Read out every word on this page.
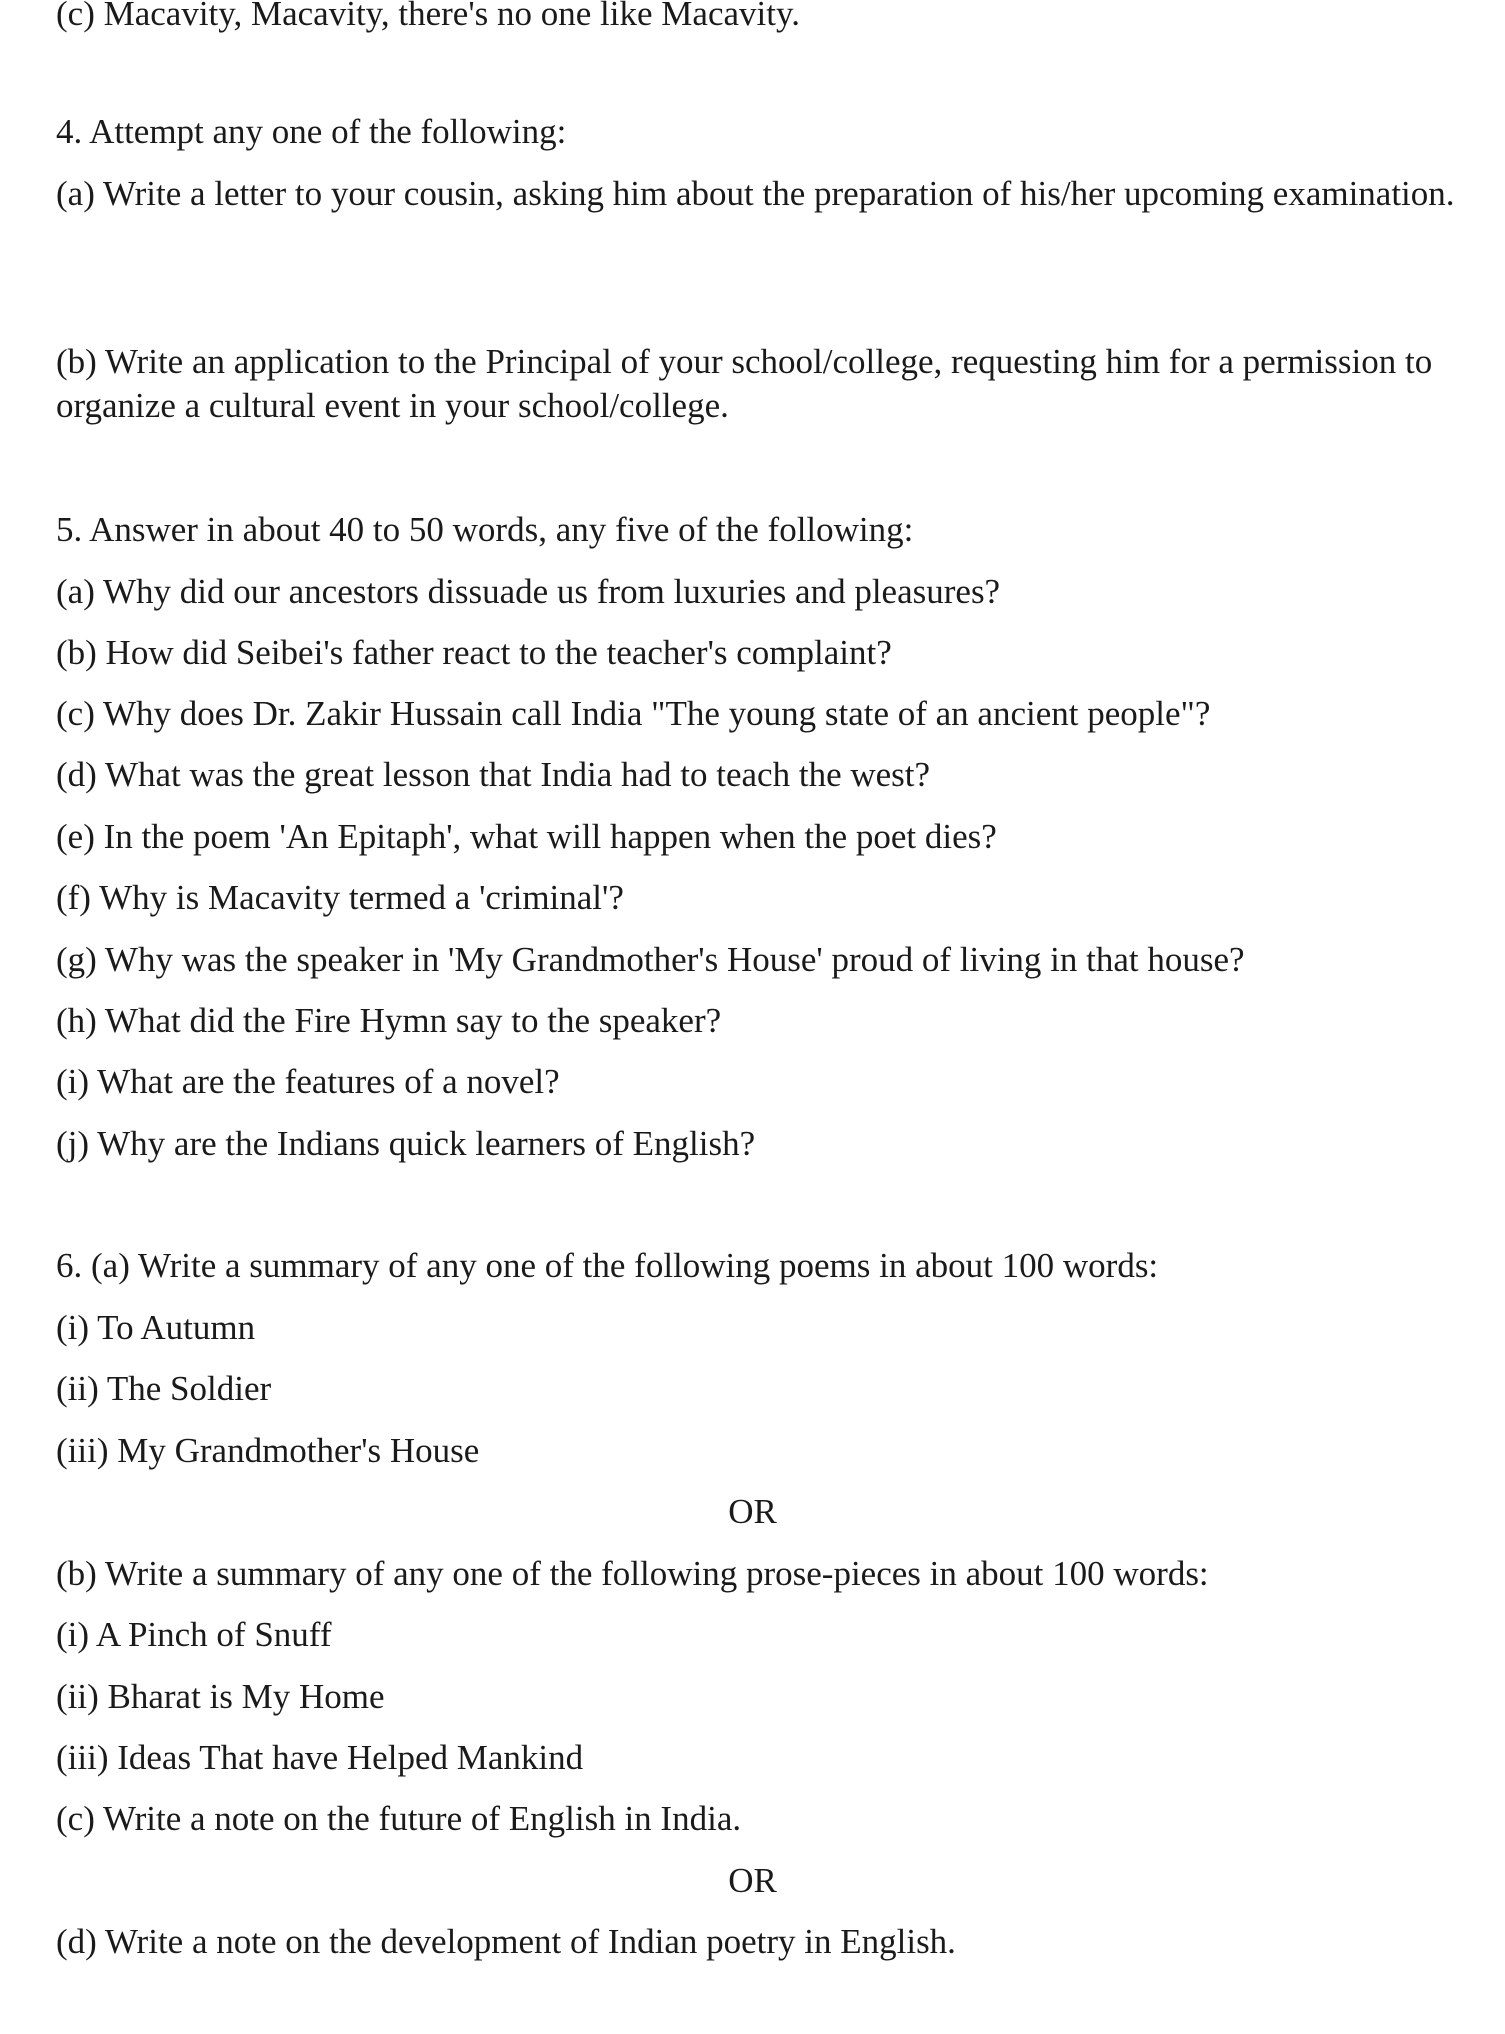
(c) Macavity, Macavity, there's no one like Macavity.
4. Attempt any one of the following:
(a) Write a letter to your cousin, asking him about the preparation of his/her upcoming examination.
(b) Write an application to the Principal of your school/college, requesting him for a permission to organize a cultural event in your school/college.
5. Answer in about 40 to 50 words, any five of the following:
(a) Why did our ancestors dissuade us from luxuries and pleasures?
(b) How did Seibei's father react to the teacher's complaint?
(c) Why does Dr. Zakir Hussain call India "The young state of an ancient people"?
(d) What was the great lesson that India had to teach the west?
(e) In the poem 'An Epitaph', what will happen when the poet dies?
(f) Why is Macavity termed a 'criminal'?
(g) Why was the speaker in 'My Grandmother's House' proud of living in that house?
(h) What did the Fire Hymn say to the speaker?
(i) What are the features of a novel?
(j) Why are the Indians quick learners of English?
6. (a) Write a summary of any one of the following poems in about 100 words:
(i) To Autumn
(ii) The Soldier
(iii) My Grandmother's House
OR
(b) Write a summary of any one of the following prose-pieces in about 100 words:
(i) A Pinch of Snuff
(ii) Bharat is My Home
(iii) Ideas That have Helped Mankind
(c) Write a note on the future of English in India.
OR
(d) Write a note on the development of Indian poetry in English.
